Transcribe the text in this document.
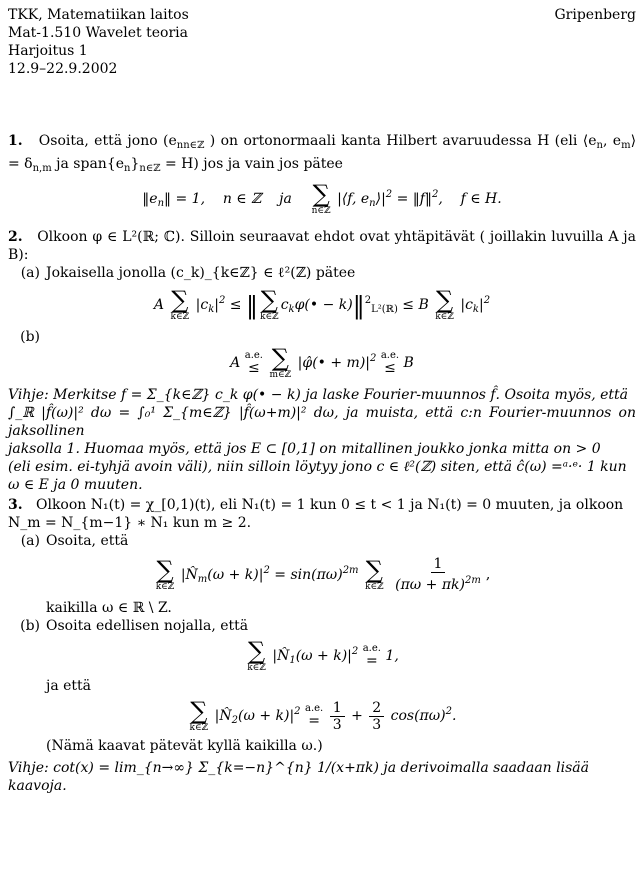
TKK, Matematiikan laitos	Gripenberg
Mat-1.510 Wavelet teoria
Harjoitus 1
12.9–22.9.2002
1. Osoita, että jono ($e_{nn\in ℤ}$ ) on ortonormaali kanta Hilbert avaruudessa H (eli $⟨e_n$, $e_m⟩ = \delta_{n,m}$ ja $span\{e_n\}_{n\in ℤ} = H$) jos ja vain jos pätee
$‖e_n‖ = 1$,    n ∈ ℤ    ja ∑
n∈ℤ
|⟨f, $e_n⟩|^2$ = ‖f‖$^2$,    f ∈ H.
2. Olkoon φ ∈ L²(ℝ; ℂ). Silloin seuraavat ehdot ovat yhtäpitävät ( joillakin luvuilla A ja B):
(a) Jokaisella jonolla (c_k)_{k∈ℤ} ∈ ℓ²(ℤ) pätee
A ∑
k∈ℤ
$|c_k|^2$ ≤ ‖ ∑
k∈ℤ
$c_k\varphi(•$ − k)‖$^2_{L^2(ℝ)}$ ≤ B ∑
k∈ℤ
$|c_k|^2$
(b)
A a.e.
≤
∑
m∈ℤ
|φ̂(• + $m)|^2$ a.e.
≤ B
Vihje: Merkitse f = Σ_{k∈ℤ} c_k φ(• − k) ja laske Fourier-muunnos f̂. Osoita myös, että
∫_ℝ |f̂(ω)|² dω = ∫₀¹ Σ_{m∈ℤ} |f̂(ω+m)|² dω, ja muista, että c:n Fourier-muunnos on jaksollinen
jaksolla 1. Huomaa myös, että jos E ⊂ [0,1] on mitallinen joukko jonka mitta on > 0
(eli esim. ei-tyhjä avoin väli), niin silloin löytyy jono c ∈ ℓ²(ℤ) siten, että ĉ(ω) =ᵃ·ᵉ· 1 kun
ω ∈ E ja 0 muuten.
3. Olkoon N₁(t) = χ_[0,1)(t), eli N₁(t) = 1 kun 0 ≤ t < 1 ja N₁(t) = 0 muuten, ja olkoon
N_m = N_{m−1} ∗ N₁ kun m ≥ 2.
(a) Osoita, että
∑
k∈ℤ
$|N̂_m(\omega + k)|^2 = \sin(\pi\omega)^{2m}$ ∑
k∈ℤ
$\frac{1}{(\pi\omega + \pi k)^{2m}}$ ,
kaikilla ω ∈ ℝ \ Z.
(b) Osoita edellisen nojalla, että
∑
k∈ℤ
$|N̂_1(\omega + k)|^2$ a.e.
= 1,
ja että
∑
k∈ℤ
$|N̂_2(\omega + k)|^2$ a.e.
=
$\frac{1}{3} + \frac{2}{3} \cos(\pi\omega)^2$.
(Nämä kaavat pätevät kyllä kaikilla ω.)
Vihje: cot(x) = lim_{n→∞} Σ_{k=−n}^{n} 1/(x+πk) ja derivoimalla saadaan lisää kaavoja.
